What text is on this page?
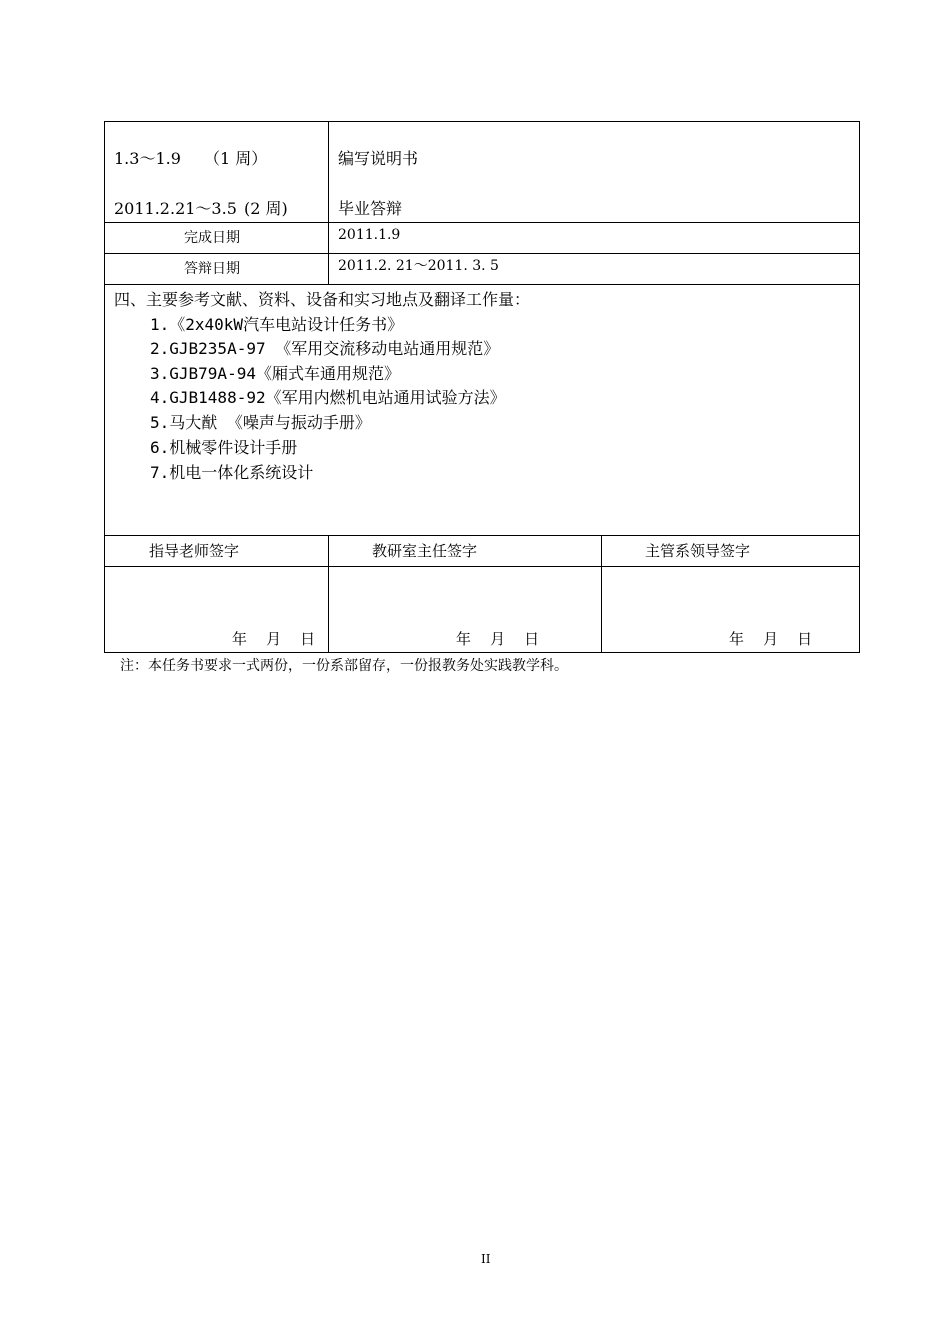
1.3～1.9 （1 周）	编写说明书
2011.2.21～3.5 (2 周)	毕业答辩
完成日期	2011.1.9
答辩日期	2011.2. 21～2011. 3. 5
四、主要参考文献、资料、设备和实习地点及翻译工作量：
1.《2x40kW汽车电站设计任务书》
2.GJB235A-97 《军用交流移动电站通用规范》
3.GJB79A-94《厢式车通用规范》
4.GJB1488-92《军用内燃机电站通用试验方法》
5.马大猷 《噪声与振动手册》
6.机械零件设计手册
7.机电一体化系统设计
指导老师签字	教研室主任签字	主管系领导签字
年    月    日	年    月    日	年    月    日
注：本任务书要求一式两份，一份系部留存，一份报教务处实践教学科。
II
